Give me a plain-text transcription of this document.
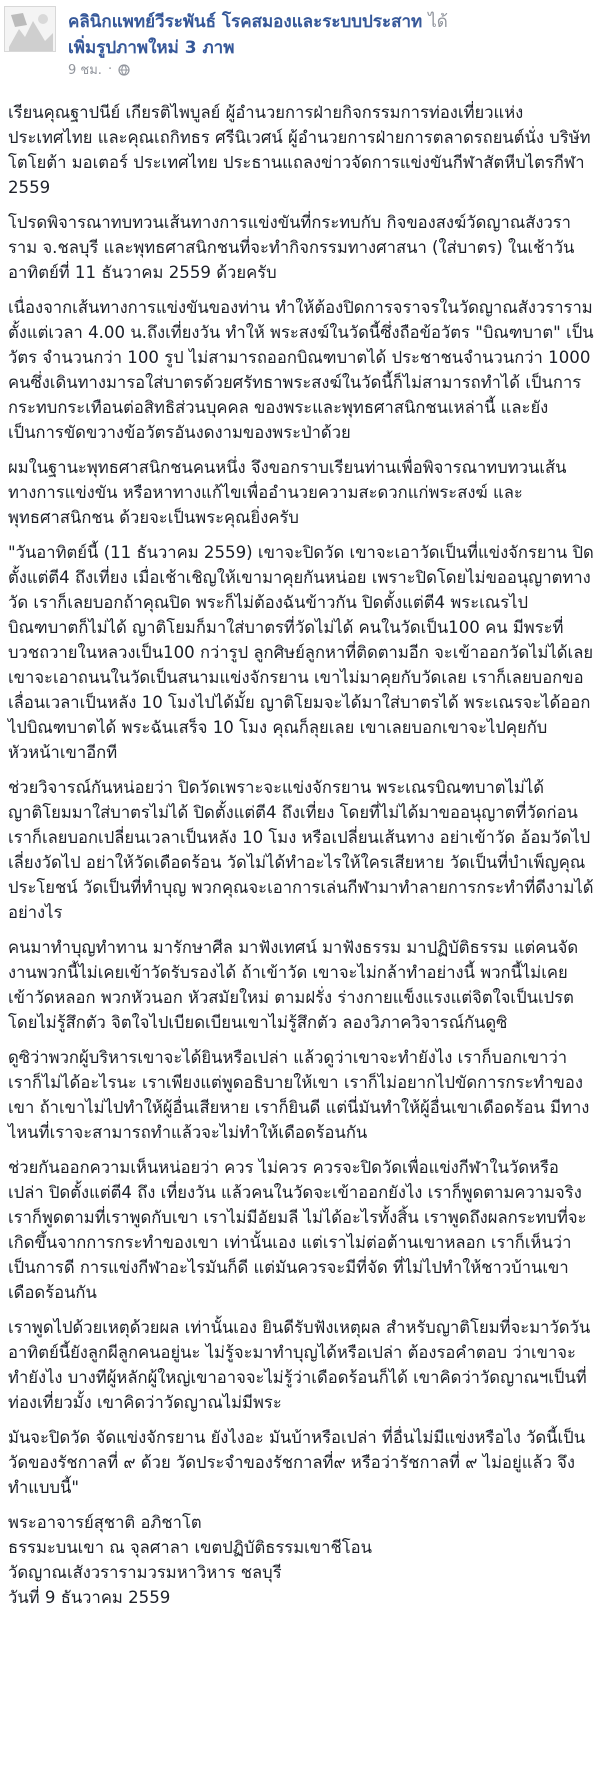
คลินิกแพทย์วีระพันธ์ โรคสมองและระบบประสาท ได้
เพิ่มรูปภาพใหม่ 3 ภาพ
9 ชม. ·

เรียนคุณฐาปนีย์ เกียรติไพบูลย์ ผู้อำนวยการฝ่ายกิจกรรมการท่องเที่ยวแห่งประเทศไทย และคุณเถกิทธร ศรีนิเวศน์ ผู้อำนวยการฝ่ายการตลาดรถยนต์นั่ง บริษัทโตโยต้า มอเตอร์ ประเทศไทย ประธานแถลงข่าวจัดการแข่งขันกีฬาสัตหีบไตรกีฬา 2559

โปรดพิจารณาทบทวนเส้นทางการแข่งขันที่กระทบกับ กิจของสงฆ์วัดญาณสังวราราม จ.ชลบุรี และพุทธศาสนิกชนที่จะทำกิจกรรมทางศาสนา (ใส่บาตร) ในเช้าวันอาทิตย์ที่ 11 ธันวาคม 2559 ด้วยครับ

เนื่องจากเส้นทางการแข่งขันของท่าน ทำให้ต้องปิดการจราจรในวัดญาณสังวราราม ตั้งแต่เวลา 4.00 น.ถึงเที่ยงวัน ทำให้ พระสงฆ์ในวัดนี้ซึ่งถือข้อวัตร "บิณฑบาต" เป็นวัตร จำนวนกว่า 100 รูป ไม่สามารถออกบิณฑบาตได้ ประชาชนจำนวนกว่า 1000 คนซึ่งเดินทางมารอใส่บาตรด้วยศรัทธาพระสงฆ์ในวัดนี้ก็ไม่สามารถทำได้ เป็นการกระทบกระเทือนต่อสิทธิส่วนบุคคล ของพระและพุทธศาสนิกชนเหล่านี้ และยังเป็นการขัดขวางข้อวัตรอันงดงามของพระป่าด้วย

ผมในฐานะพุทธศาสนิกชนคนหนึ่ง จึงขอกราบเรียนท่านเพื่อพิจารณาทบทวนเส้นทางการแข่งขัน หรือหาทางแก้ไขเพื่ออำนวยความสะดวกแก่พระสงฆ์ และพุทธศาสนิกชน ด้วยจะเป็นพระคุณยิ่งครับ

"วันอาทิตย์นี้ (11 ธันวาคม 2559) เขาจะปิดวัด เขาจะเอาวัดเป็นที่แข่งจักรยาน ปิดตั้งแต่ตี4 ถึงเที่ยง เมื่อเช้าเชิญให้เขามาคุยกันหน่อย เพราะปิดโดยไม่ขออนุญาตทางวัด เราก็เลยบอกถ้าคุณปิด พระก็ไม่ต้องฉันข้าวกัน ปิดตั้งแต่ตี4 พระเณรไปบิณฑบาตก็ไม่ได้ ญาติโยมก็มาใส่บาตรที่วัดไม่ได้ คนในวัดเป็น100 คน มีพระที่บวชถวายในหลวงเป็น100 กว่ารูป ลูกศิษย์ลูกหาที่ติดตามอีก จะเข้าออกวัดไม่ได้เลย เขาจะเอาถนนในวัดเป็นสนามแข่งจักรยาน เขาไม่มาคุยกับวัดเลย เราก็เลยบอกขอเลื่อนเวลาเป็นหลัง 10 โมงไปได้มั้ย ญาติโยมจะได้มาใส่บาตรได้ พระเณรจะได้ออกไปบิณฑบาตได้ พระฉันเสร็จ 10 โมง คุณก็ลุยเลย เขาเลยบอกเขาจะไปคุยกับหัวหน้าเขาอีกที

ช่วยวิจารณ์กันหน่อยว่า ปิดวัดเพราะจะแข่งจักรยาน พระเณรบิณฑบาตไม่ได้ ญาติโยมมาใส่บาตรไม่ได้ ปิดตั้งแต่ตี4 ถึงเที่ยง โดยที่ไม่ได้มาขออนุญาตที่วัดก่อน เราก็เลยบอกเปลี่ยนเวลาเป็นหลัง 10 โมง หรือเปลี่ยนเส้นทาง อย่าเข้าวัด อ้อมวัดไป เลี่ยงวัดไป อย่าให้วัดเดือดร้อน วัดไม่ได้ทำอะไรให้ใครเสียหาย วัดเป็นที่บำเพ็ญคุณประโยชน์ วัดเป็นที่ทำบุญ พวกคุณจะเอาการเล่นกีฬามาทำลายการกระทำที่ดีงามได้อย่างไร

คนมาทำบุญทำทาน มารักษาศีล มาฟังเทศน์ มาฟังธรรม มาปฏิบัติธรรม แต่คนจัดงานพวกนี้ไม่เคยเข้าวัดรับรองได้ ถ้าเข้าวัด เขาจะไม่กล้าทำอย่างนี้ พวกนี้ไม่เคยเข้าวัดหลอก พวกหัวนอก หัวสมัยใหม่ ตามฝรั่ง ร่างกายแข็งแรงแต่จิตใจเป็นเปรตโดยไม่รู้สึกตัว จิตใจไปเบียดเบียนเขาไม่รู้สึกตัว ลองวิภาควิจารณ์กันดูซิ

ดูซิว่าพวกผู้บริหารเขาจะได้ยินหรือเปล่า แล้วดูว่าเขาจะทำยังไง เราก็บอกเขาว่า เราก็ไม่ได้อะไรนะ เราเพียงแต่พูดอธิบายให้เขา เราก็ไม่อยากไปขัดการกระทำของเขา ถ้าเขาไม่ไปทำให้ผู้อื่นเสียหาย เราก็ยินดี แต่นี่มันทำให้ผู้อื่นเขาเดือดร้อน มีทางไหนที่เราจะสามารถทำแล้วจะไม่ทำให้เดือดร้อนกัน

ช่วยกันออกความเห็นหน่อยว่า ควร ไม่ควร ควรจะปิดวัดเพื่อแข่งกีฬาในวัดหรือเปล่า ปิดตั้งแต่ตี4 ถึง เที่ยงวัน แล้วคนในวัดจะเข้าออกยังไง เราก็พูดตามความจริง เราก็พูดตามที่เราพูดกับเขา เราไม่มีอัยมลี ไม่ได้อะไรทั้งสิ้น เราพูดถึงผลกระทบที่จะเกิดขึ้นจากการกระทำของเขา เท่านั้นเอง แต่เราไม่ต่อต้านเขาหลอก เราก็เห็นว่าเป็นการดี การแข่งกีฬาอะไรมันก็ดี แต่มันควรจะมีที่จัด ที่ไม่ไปทำให้ชาวบ้านเขาเดือดร้อนกัน

เราพูดไปด้วยเหตุด้วยผล เท่านั้นเอง ยินดีรับฟังเหตุผล สำหรับญาติโยมที่จะมาวัดวันอาทิตย์นี้ยังลูกผีลูกคนอยู่นะ ไม่รู้จะมาทำบุญได้หรือเปล่า ต้องรอคำตอบ ว่าเขาจะทำยังไง บางทีผู้หลักผู้ใหญ่เขาอาจจะไม่รู้ว่าเดือดร้อนก็ได้ เขาคิดว่าวัดญาณฯเป็นที่ท่องเที่ยวมั้ง เขาคิดว่าวัดญาณไม่มีพระ

มันจะปิดวัด จัดแข่งจักรยาน ยังไงอะ มันบ้าหรือเปล่า ที่อื่นไม่มีแข่งหรือไง วัดนี้เป็นวัดของรัชกาลที่ ๙ ด้วย วัดประจำของรัชกาลที่๙ หรือว่ารัชกาลที่ ๙ ไม่อยู่แล้ว จึงทำแบบนี้"

พระอาจารย์สุชาติ อภิชาโต

ธรรมะบนเขา ณ จุลศาลา เขตปฏิบัติธรรมเขาชีโอน

วัดญาณเสังวรารามวรมหาวิหาร ชลบุรี

วันที่ 9 ธันวาคม 2559
